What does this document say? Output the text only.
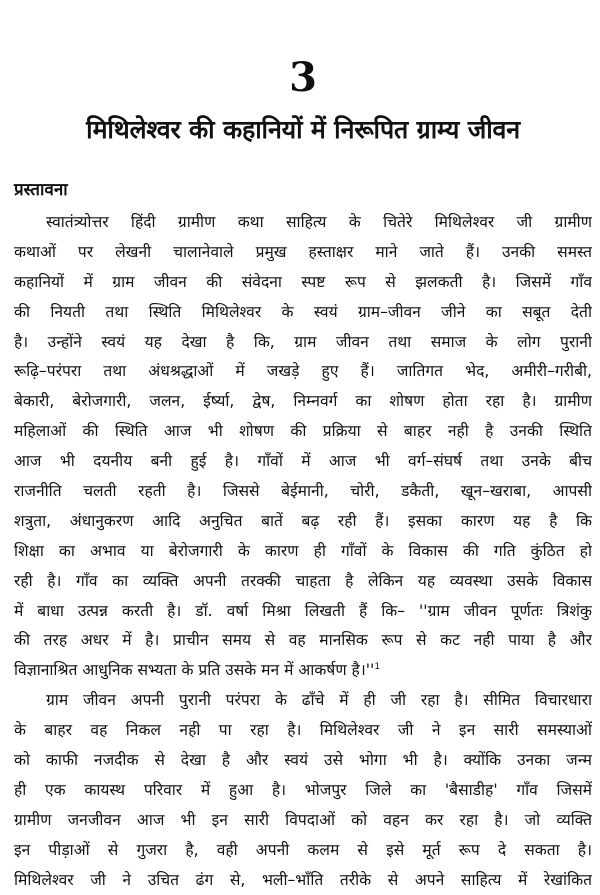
3
मिथिलेश्वर की कहानियों में निरूपित ग्राम्य जीवन
प्रस्तावना

स्वातंत्र्योत्तर हिंदी ग्रामीण कथा साहित्य के चितेरे मिथिलेश्वर जी ग्रामीण
कथाओं पर लेखनी चालानेवाले प्रमुख हस्ताक्षर माने जाते हैं। उनकी समस्त
कहानियों में ग्राम जीवन की संवेदना स्पष्ट रूप से झलकती है। जिसमें गाँव
की नियती तथा स्थिति मिथिलेश्वर के स्वयं ग्राम–जीवन जीने का सबूत देती
है। उन्होंने स्वयं यह देखा है कि, ग्राम जीवन तथा समाज के लोग पुरानी
रूढ़ि–परंपरा तथा अंधश्रद्धाओं में जखड़े हुए हैं। जातिगत भेद, अमीरी–गरीबी,
बेकारी, बेरोजगारी, जलन, ईर्ष्या, द्वेष, निम्नवर्ग का शोषण होता रहा है। ग्रामीण
महिलाओं की स्थिति आज भी शोषण की प्रक्रिया से बाहर नही है उनकी स्थिति
आज भी दयनीय बनी हुई है। गाँवों में आज भी वर्ग–संघर्ष तथा उनके बीच
राजनीति चलती रहती है। जिससे बेईमानी, चोरी, डकैती, खून–खराबा, आपसी
शत्रुता, अंधानुकरण आदि अनुचित बातें बढ़ रही हैं। इसका कारण यह है कि
शिक्षा का अभाव या बेरोजगारी के कारण ही गाँवों के विकास की गति कुंठित हो
रही है। गाँव का व्यक्ति अपनी तरक्की चाहता है लेकिन यह व्यवस्था उसके विकास
में बाधा उत्पन्न करती है। डॉ. वर्षा मिश्रा लिखती हैं कि– ''ग्राम जीवन पूर्णतः त्रिशंकु
की तरह अधर में है। प्राचीन समय से वह मानसिक रूप से कट नही पाया है और
विज्ञानाश्रित आधुनिक सभ्यता के प्रति उसके मन में आकर्षण $है।''^1$

ग्राम जीवन अपनी पुरानी परंपरा के ढाँचे में ही जी रहा है। सीमित विचारधारा
के बाहर वह निकल नही पा रहा है। मिथिलेश्वर जी ने इन सारी समस्याओं
को काफी नजदीक से देखा है और स्वयं उसे भोगा भी है। क्योंकि उनका जन्म
ही एक कायस्थ परिवार में हुआ है। भोजपुर जिले का 'बैसाडीह' गाँव जिसमें
ग्रामीण जनजीवन आज भी इन सारी विपदाओं को वहन कर रहा है। जो व्यक्ति
इन पीड़ाओं से गुजरा है, वही अपनी कलम से इसे मूर्त रूप दे सकता है।
मिथिलेश्वर जी ने उचित ढंग से, भली–भाँति तरीके से अपने साहित्य में रेखांकित
